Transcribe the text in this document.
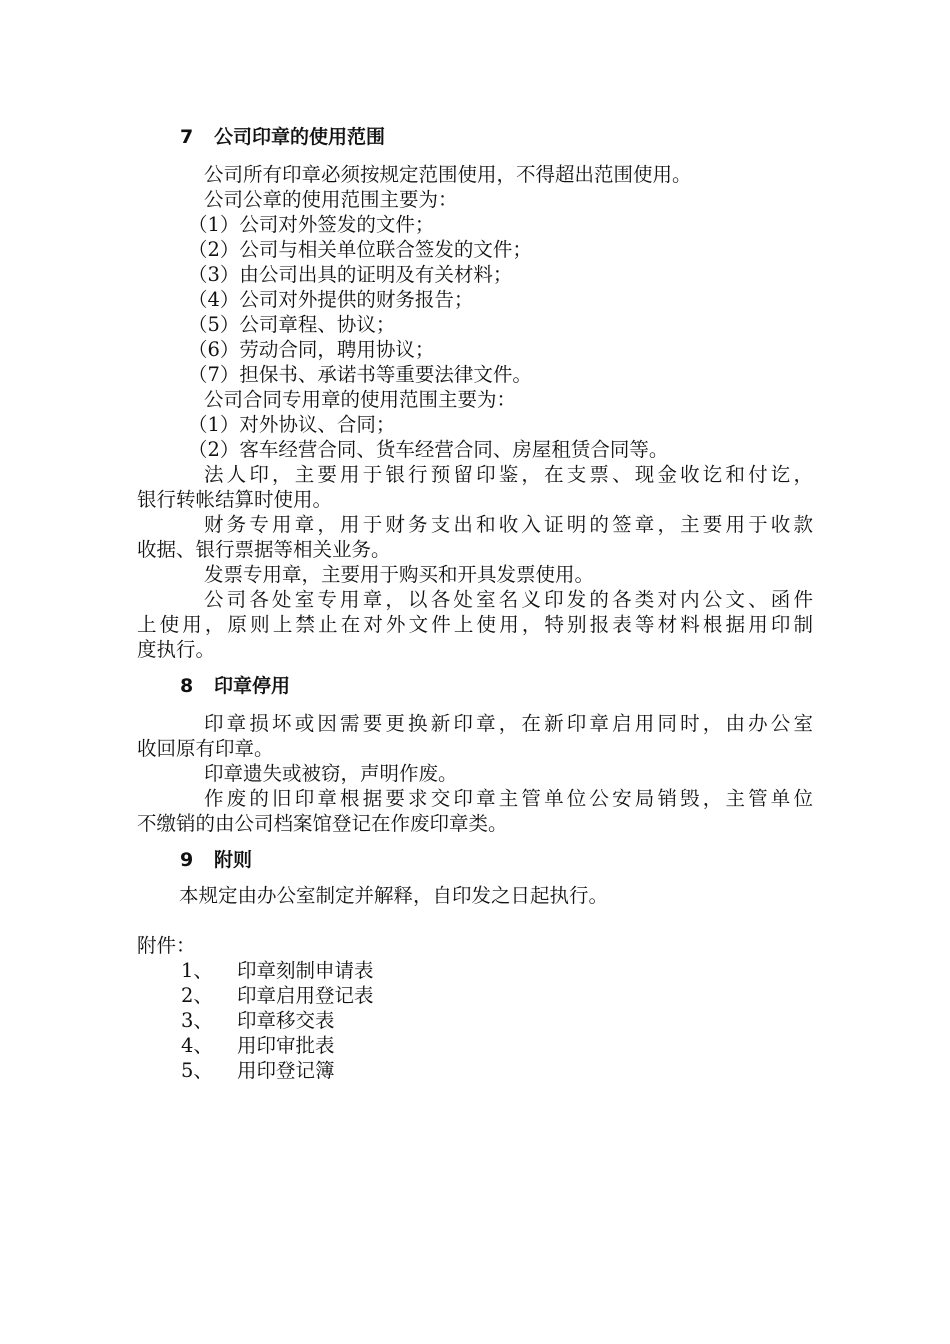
7 公司印章的使用范围
公司所有印章必须按规定范围使用，不得超出范围使用。
公司公章的使用范围主要为：
（1）公司对外签发的文件；
（2）公司与相关单位联合签发的文件；
（3）由公司出具的证明及有关材料；
（4）公司对外提供的财务报告；
（5）公司章程、协议；
（6）劳动合同，聘用协议；
（7）担保书、承诺书等重要法律文件。
公司合同专用章的使用范围主要为：
（1）对外协议、合同；
（2）客车经营合同、货车经营合同、房屋租赁合同等。
法人印，主要用于银行预留印鉴，在支票、现金收讫和付讫，
银行转帐结算时使用。
财务专用章，用于财务支出和收入证明的签章，主要用于收款
收据、银行票据等相关业务。
发票专用章，主要用于购买和开具发票使用。
公司各处室专用章，以各处室名义印发的各类对内公文、函件
上使用，原则上禁止在对外文件上使用，特别报表等材料根据用印制
度执行。
8 印章停用
印章损坏或因需要更换新印章，在新印章启用同时，由办公室
收回原有印章。
印章遗失或被窃，声明作废。
作废的旧印章根据要求交印章主管单位公安局销毁，主管单位
不缴销的由公司档案馆登记在作废印章类。
9 附则
本规定由办公室制定并解释，自印发之日起执行。
附件：
1、 印章刻制申请表
2、 印章启用登记表
3、 印章移交表
4、 用印审批表
5、 用印登记簿
